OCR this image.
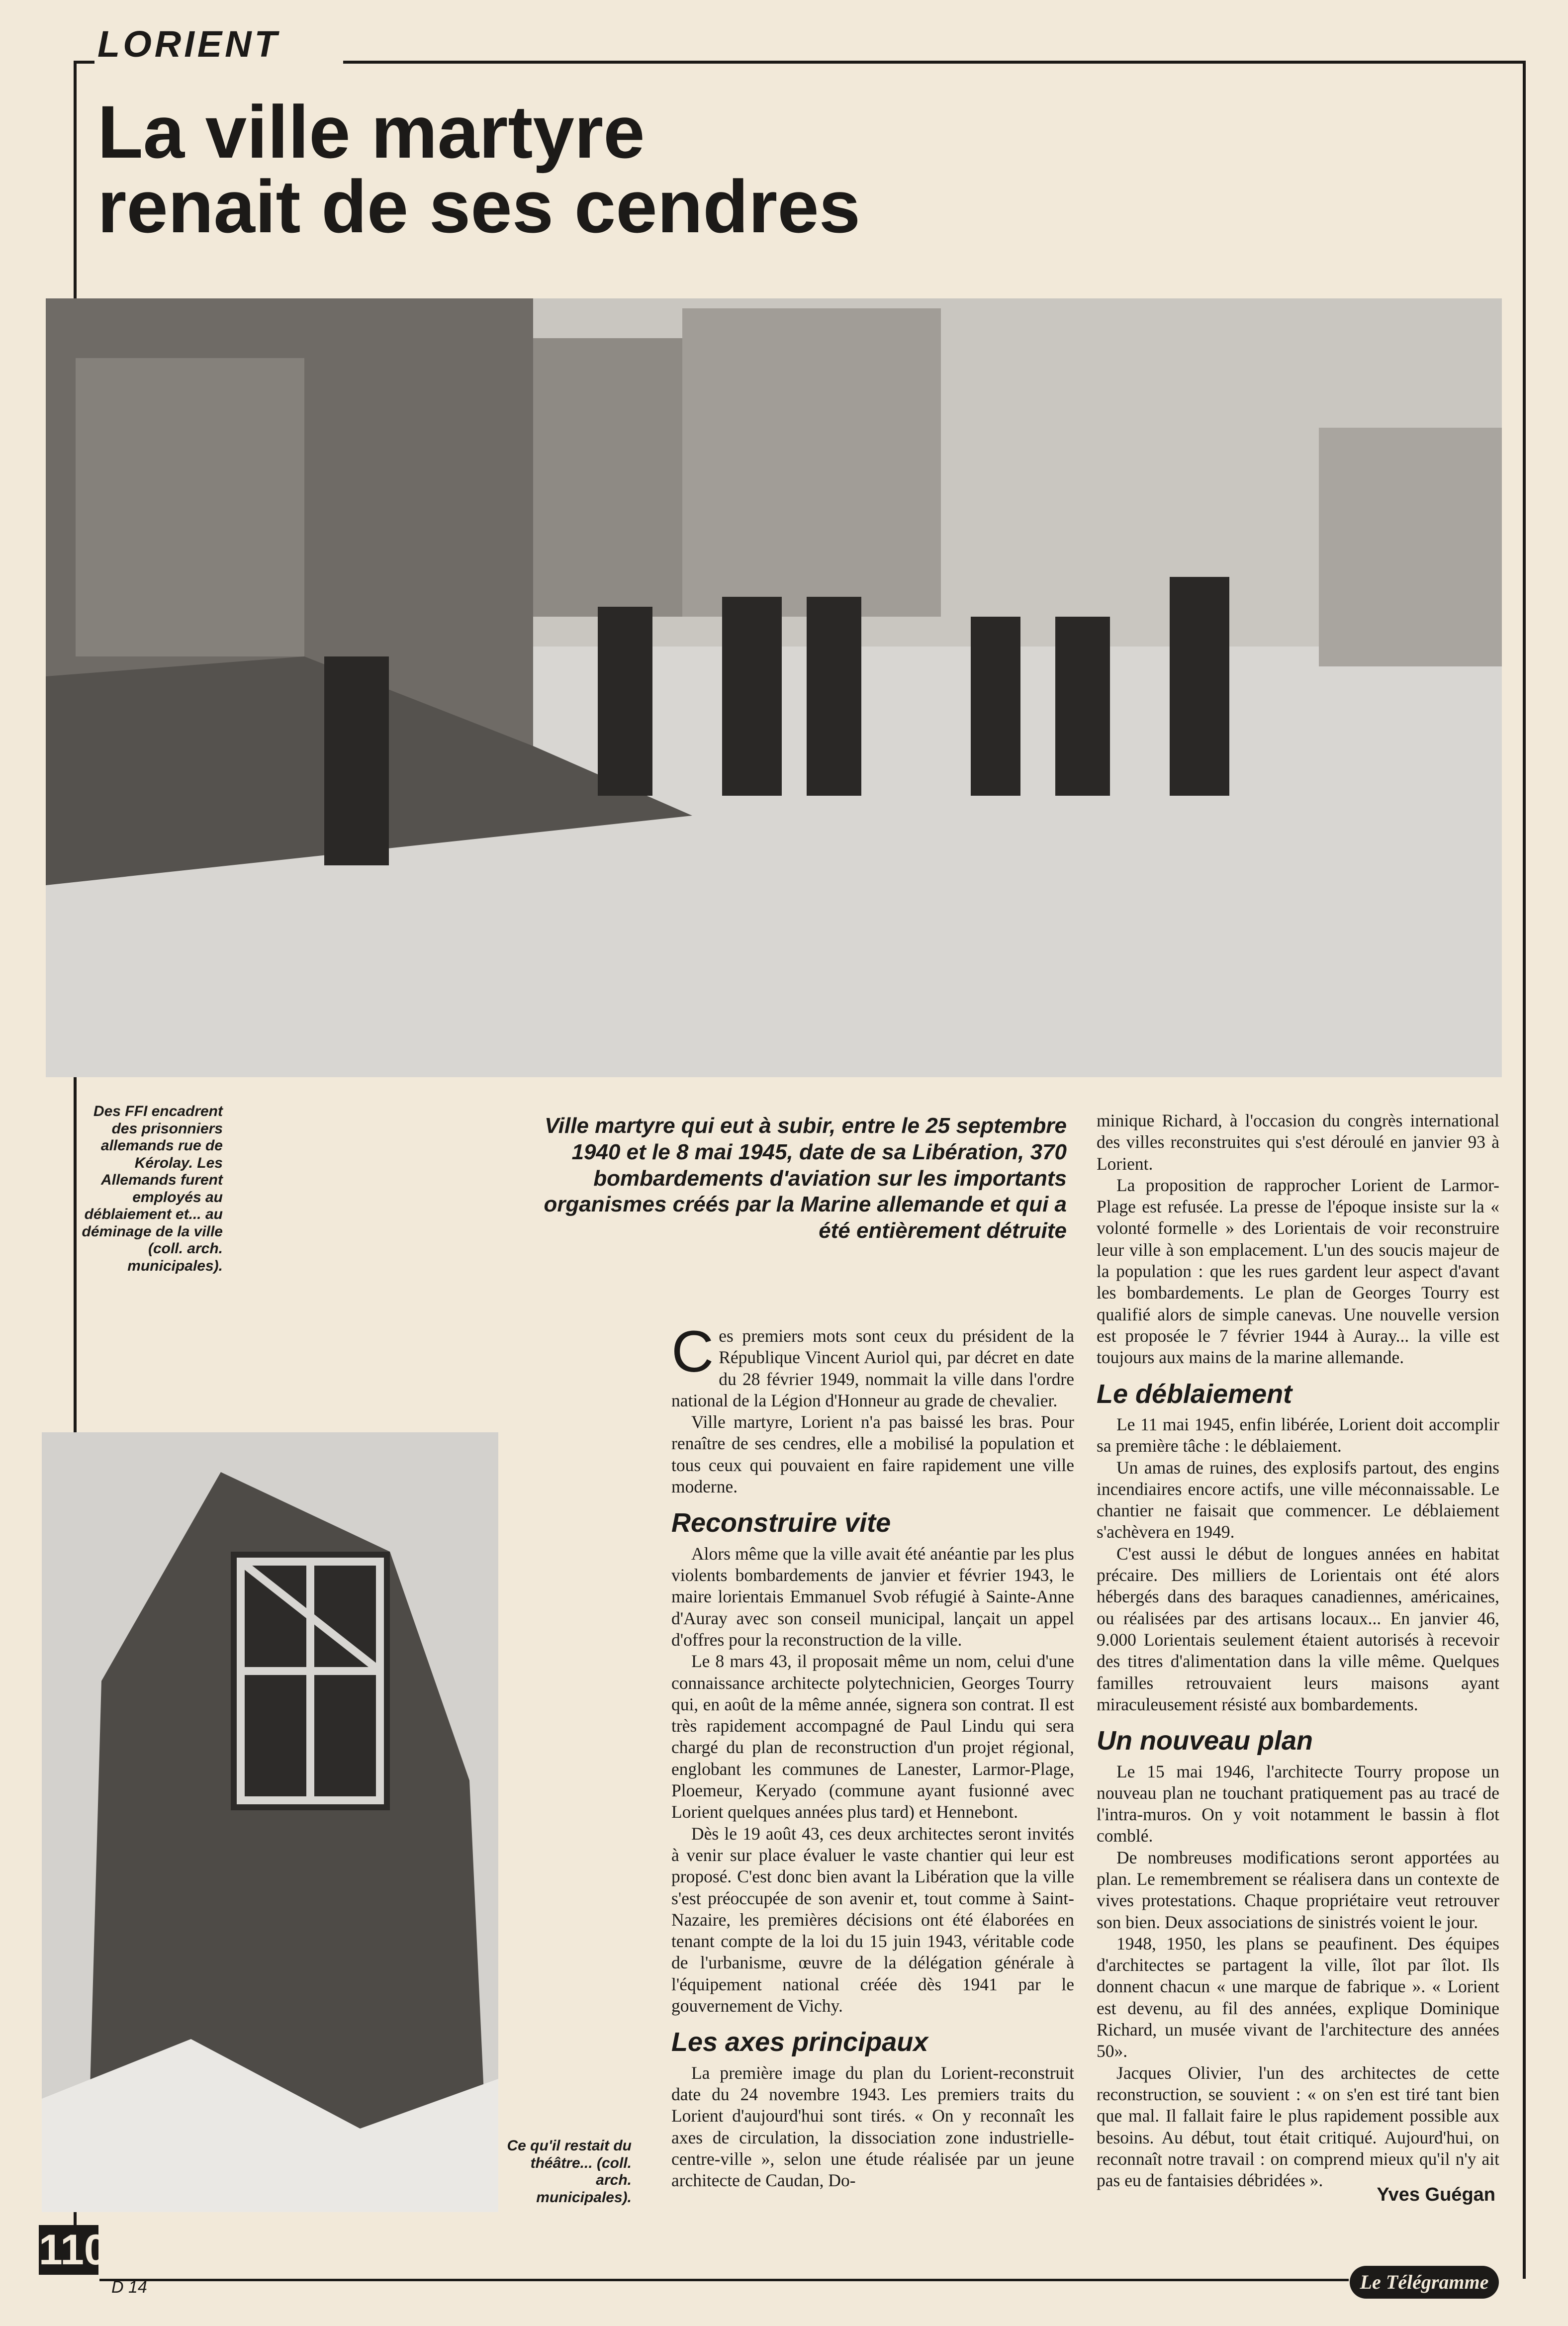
LORIENT
La ville martyre
renait de ses cendres
Des FFI encadrent des prisonniers allemands rue de Kérolay. Les Allemands furent employés au déblaiement et... au déminage de la ville (coll. arch. municipales).
Ce qu'il restait du théâtre... (coll. arch. municipales).
Ville martyre qui eut à subir, entre le 25 septembre 1940 et le 8 mai 1945, date de sa Libération, 370 bombardements d'aviation sur les importants organismes créés par la Marine allemande et qui a été entièrement détruite

Ces premiers mots sont ceux du président de la République Vincent Auriol qui, par décret en date du 28 février 1949, nommait la ville dans l'ordre national de la Légion d'Honneur au grade de chevalier.

Ville martyre, Lorient n'a pas baissé les bras. Pour renaître de ses cendres, elle a mobilisé la population et tous ceux qui pouvaient en faire rapidement une ville moderne.

Reconstruire vite

Alors même que la ville avait été anéantie par les plus violents bombardements de janvier et février 1943, le maire lorientais Emmanuel Svob réfugié à Sainte-Anne d'Auray avec son conseil municipal, lançait un appel d'offres pour la reconstruction de la ville.

Le 8 mars 43, il proposait même un nom, celui d'une connaissance architecte polytechnicien, Georges Tourry qui, en août de la même année, signera son contrat. Il est très rapidement accompagné de Paul Lindu qui sera chargé du plan de reconstruction d'un projet régional, englobant les communes de Lanester, Larmor-Plage, Ploemeur, Keryado (commune ayant fusionné avec Lorient quelques années plus tard) et Hennebont.

Dès le 19 août 43, ces deux architectes seront invités à venir sur place évaluer le vaste chantier qui leur est proposé. C'est donc bien avant la Libération que la ville s'est préoccupée de son avenir et, tout comme à Saint-Nazaire, les premières décisions ont été élaborées en tenant compte de la loi du 15 juin 1943, véritable code de l'urbanisme, œuvre de la délégation générale à l'équipement national créée dès 1941 par le gouvernement de Vichy.

Les axes principaux

La première image du plan du Lorient-reconstruit date du 24 novembre 1943. Les premiers traits du Lorient d'aujourd'hui sont tirés. « On y reconnaît les axes de circulation, la dissociation zone industrielle-centre-ville », selon une étude réalisée par un jeune architecte de Caudan, Do-

minique Richard, à l'occasion du congrès international des villes reconstruites qui s'est déroulé en janvier 93 à Lorient.

La proposition de rapprocher Lorient de Larmor-Plage est refusée. La presse de l'époque insiste sur la « volonté formelle » des Lorientais de voir reconstruire leur ville à son emplacement. L'un des soucis majeur de la population : que les rues gardent leur aspect d'avant les bombardements. Le plan de Georges Tourry est qualifié alors de simple canevas. Une nouvelle version est proposée le 7 février 1944 à Auray... la ville est toujours aux mains de la marine allemande.

Le déblaiement

Le 11 mai 1945, enfin libérée, Lorient doit accomplir sa première tâche : le déblaiement.

Un amas de ruines, des explosifs partout, des engins incendiaires encore actifs, une ville méconnaissable. Le chantier ne faisait que commencer. Le déblaiement s'achèvera en 1949.

C'est aussi le début de longues années en habitat précaire. Des milliers de Lorientais ont été alors hébergés dans des baraques canadiennes, américaines, ou réalisées par des artisans locaux... En janvier 46, 9.000 Lorientais seulement étaient autorisés à recevoir des titres d'alimentation dans la ville même. Quelques familles retrouvaient leurs maisons ayant miraculeusement résisté aux bombardements.

Un nouveau plan

Le 15 mai 1946, l'architecte Tourry propose un nouveau plan ne touchant pratiquement pas au tracé de l'intra-muros. On y voit notamment le bassin à flot comblé.

De nombreuses modifications seront apportées au plan. Le remembrement se réalisera dans un contexte de vives protestations. Chaque propriétaire veut retrouver son bien. Deux associations de sinistrés voient le jour.

1948, 1950, les plans se peaufinent. Des équipes d'architectes se partagent la ville, îlot par îlot. Ils donnent chacun « une marque de fabrique ». « Lorient est devenu, au fil des années, explique Dominique Richard, un musée vivant de l'architecture des années 50».

Jacques Olivier, l'un des architectes de cette reconstruction, se souvient : « on s'en est tiré tant bien que mal. Il fallait faire le plus rapidement possible aux besoins. Au début, tout était critiqué. Aujourd'hui, on reconnaît notre travail : on comprend mieux qu'il n'y ait pas eu de fantaisies débridées ».

Yves Guégan
110
D 14	Le Télégramme
